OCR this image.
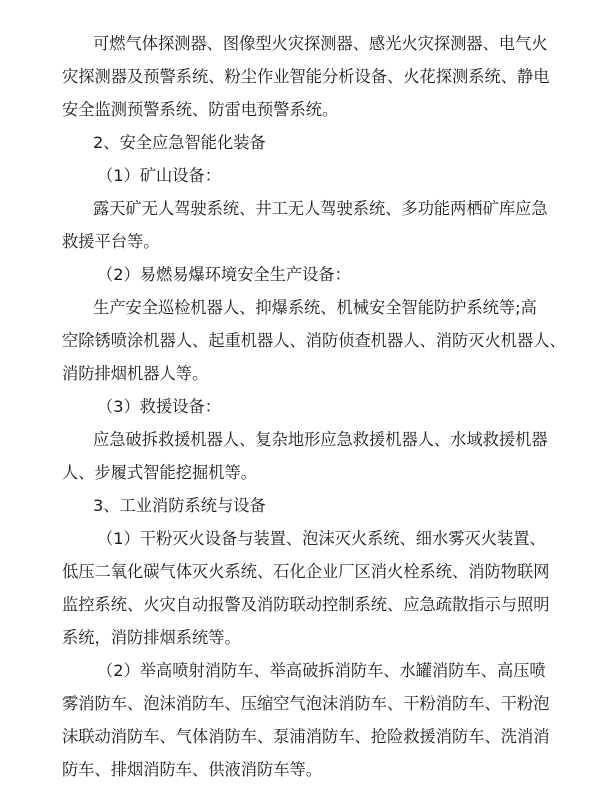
可燃气体探测器、图像型火灾探测器、感光火灾探测器、电气火
灾探测器及预警系统、粉尘作业智能分析设备、火花探测系统、静电
安全监测预警系统、防雷电预警系统。
2、安全应急智能化装备
（1）矿山设备：
露天矿无人驾驶系统、井工无人驾驶系统、多功能两栖矿库应急
救援平台等。
（2）易燃易爆环境安全生产设备：
生产安全巡检机器人、抑爆系统、机械安全智能防护系统等;高
空除锈喷涂机器人、起重机器人、消防侦查机器人、消防灭火机器人、
消防排烟机器人等。
（3）救援设备：
应急破拆救援机器人、复杂地形应急救援机器人、水域救援机器
人、步履式智能挖掘机等。
3、工业消防系统与设备
（1）干粉灭火设备与装置、泡沫灭火系统、细水雾灭火装置、
低压二氧化碳气体灭火系统、石化企业厂区消火栓系统、消防物联网
监控系统、火灾自动报警及消防联动控制系统、应急疏散指示与照明
系统，消防排烟系统等。
（2）举高喷射消防车、举高破拆消防车、水罐消防车、高压喷
雾消防车、泡沫消防车、压缩空气泡沫消防车、干粉消防车、干粉泡
沫联动消防车、气体消防车、泵浦消防车、抢险救援消防车、洗消消
防车、排烟消防车、供液消防车等。
